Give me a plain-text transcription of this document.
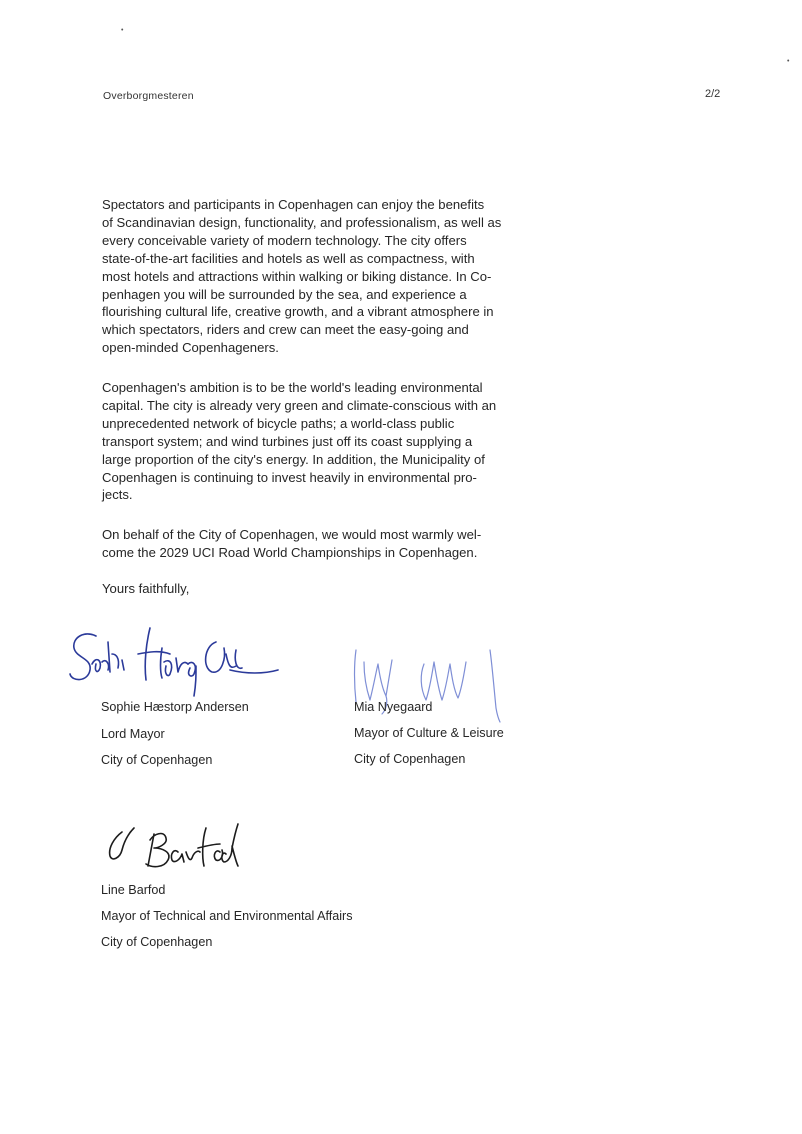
•
•
Overborgmesteren	2/2
Spectators and participants in Copenhagen can enjoy the benefits
of Scandinavian design, functionality, and professionalism, as well as
every conceivable variety of modern technology. The city offers
state-of-the-art facilities and hotels as well as compactness, with
most hotels and attractions within walking or biking distance. In Co-
penhagen you will be surrounded by the sea, and experience a
flourishing cultural life, creative growth, and a vibrant atmosphere in
which spectators, riders and crew can meet the easy-going and
open-minded Copenhageners.
Copenhagen's ambition is to be the world's leading environmental
capital. The city is already very green and climate-conscious with an
unprecedented network of bicycle paths; a world-class public
transport system; and wind turbines just off its coast supplying a
large proportion of the city's energy. In addition, the Municipality of
Copenhagen is continuing to invest heavily in environmental pro-
jects.
On behalf of the City of Copenhagen, we would most warmly wel-
come the 2029 UCI Road World Championships in Copenhagen.
Yours faithfully,
Sophie Hæstorp Andersen
Lord Mayor
City of Copenhagen
Mia Nyegaard
Mayor of Culture & Leisure
City of Copenhagen
Line Barfod
Mayor of Technical and Environmental Affairs
City of Copenhagen
